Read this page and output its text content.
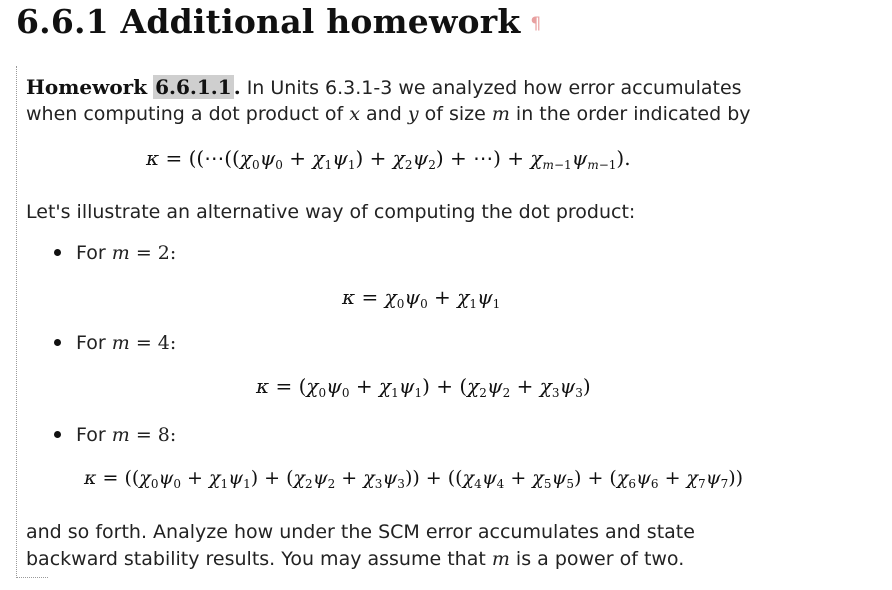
6.6.1 Additional homework ¶
Homework 6.6.1.1 . In Units 6.3.1-3 we analyzed how error accumulates
when computing a dot product of x and y of size m in the order indicated by
$\kappa = ((\cdots((\chi_0\psi_0 + \chi_1\psi_1) + \chi_2\psi_2)$ + ⋯) + $\chi_{m-1}\psi_{m-1}$).
Let's illustrate an alternative way of computing the dot product:
For m = 2:
$\kappa = \chi_0\psi_0 + \chi_1\psi_1$
For m = 4:
$\kappa = (\chi_0\psi_0 + \chi_1\psi_1) + (\chi_2\psi_2 + \chi_3\psi_3)$
For m = 8:
$\kappa = ((\chi_0\psi_0 + \chi_1\psi_1) + (\chi_2\psi_2 + \chi_3\psi_3)) + ((\chi_4\psi_4 + \chi_5\psi_5) + (\chi_6\psi_6 + \chi_7\psi_7))$
and so forth. Analyze how under the SCM error accumulates and state
backward stability results. You may assume that m is a power of two.
